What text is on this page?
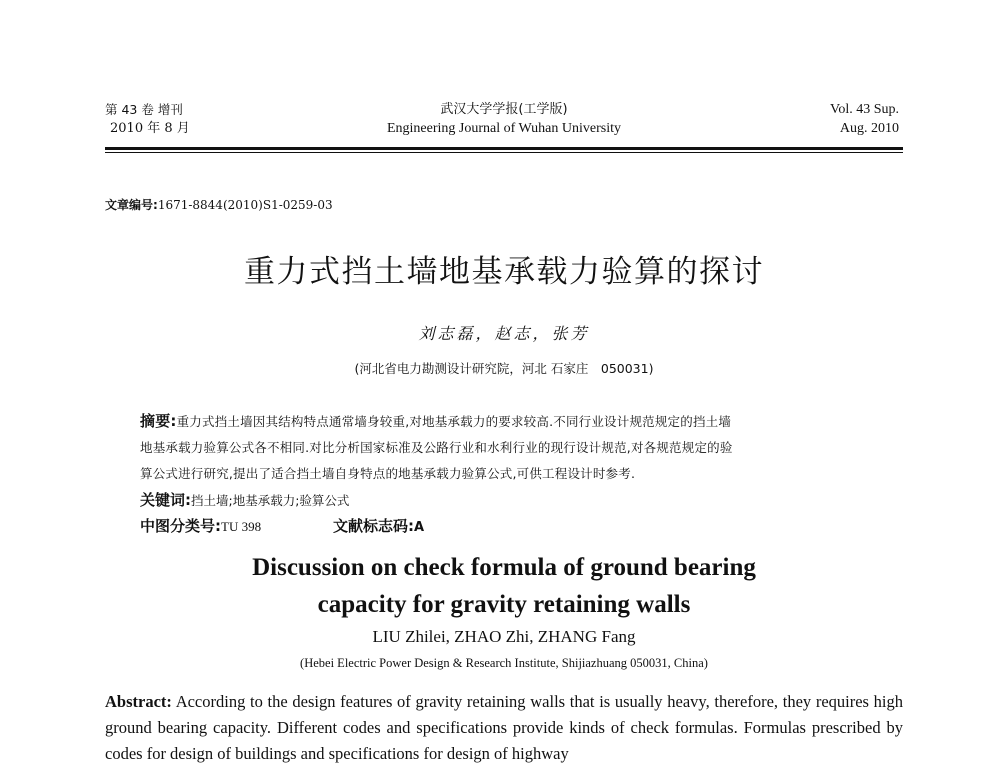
第 43 卷 增刊
2010 年 8 月
武汉大学学报(工学版)
Engineering Journal of Wuhan University
Vol. 43 Sup.
Aug. 2010
文章编号:1671-8844(2010)S1-0259-03
重力式挡土墙地基承载力验算的探讨
刘志磊，赵志，张芳
(河北省电力勘测设计研究院，河北 石家庄　050031)
摘要:重力式挡土墙因其结构特点通常墙身较重,对地基承载力的要求较高.不同行业设计规范规定的挡土墙
地基承载力验算公式各不相同.对比分析国家标准及公路行业和水利行业的现行设计规范,对各规范规定的验
算公式进行研究,提出了适合挡土墙自身特点的地基承载力验算公式,可供工程设计时参考.
关键词:挡土墙;地基承载力;验算公式
中图分类号:TU 398	文献标志码:A
Discussion on check formula of ground bearing
capacity for gravity retaining walls
LIU Zhilei, ZHAO Zhi, ZHANG Fang
(Hebei Electric Power Design & Research Institute, Shijiazhuang 050031, China)
Abstract: According to the design features of gravity retaining walls that is usually heavy, therefore, they requires high ground bearing capacity. Different codes and specifications provide kinds of check formulas. Formulas prescribed by codes for design of buildings and specifications for design of highway
